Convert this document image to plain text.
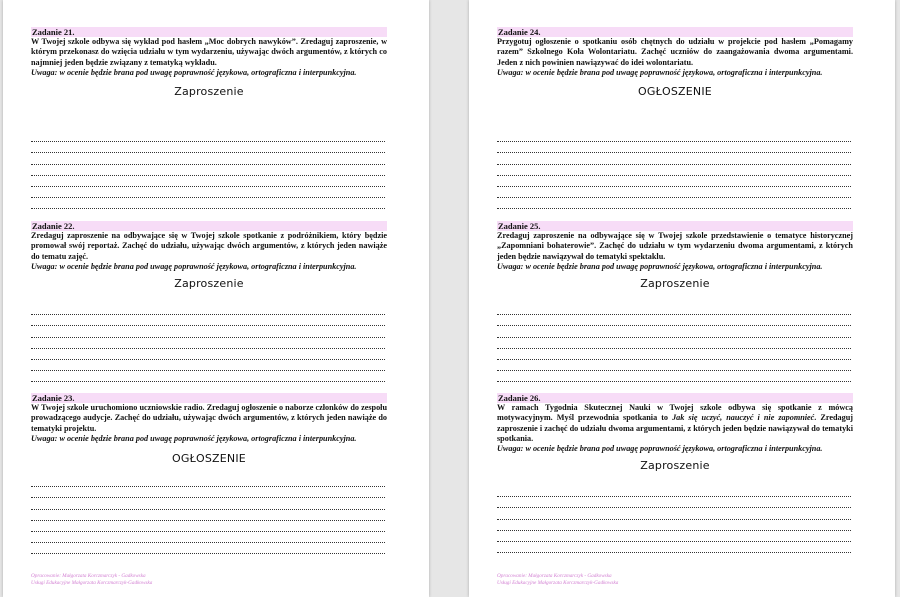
Zadanie 21.

W Twojej szkole odbywa się wykład pod hasłem „Moc dobrych nawyków”. Zredaguj zaproszenie, w którym przekonasz do wzięcia udziału w tym wydarzeniu, używając dwóch argumentów, z których co najmniej jeden będzie związany z tematyką wykładu.

Uwaga: w ocenie będzie brana pod uwagę poprawność językowa, ortograficzna i interpunkcyjna.
Zaproszenie
Zadanie 22.

Zredaguj zaproszenie na odbywające się w Twojej szkole spotkanie z podróżnikiem, który będzie promował swój reportaż. Zachęć do udziału, używając dwóch argumentów, z których jeden nawiąże do tematu zajęć.

Uwaga: w ocenie będzie brana pod uwagę poprawność językowa, ortograficzna i interpunkcyjna.
Zaproszenie
Zadanie 23.

W Twojej szkole uruchomiono uczniowskie radio. Zredaguj ogłoszenie o naborze członków do zespołu prowadzącego audycje. Zachęć do udziału, używając dwóch argumentów, z których jeden nawiąże do tematyki projektu.

Uwaga: w ocenie będzie brana pod uwagę poprawność językowa, ortograficzna i interpunkcyjna.
OGŁOSZENIE
Opracowanie: Małgorzata Korczmarczyk - Gadkowska
Usługi Edukacyjne Małgorzata Korczmarczyk-Gadkowska
Zadanie 24.

Przygotuj ogłoszenie o spotkaniu osób chętnych do udziału w projekcie pod hasłem „Pomagamy razem” Szkolnego Koła Wolontariatu. Zachęć uczniów do zaangażowania dwoma argumentami. Jeden z nich powinien nawiązywać do idei wolontariatu.

Uwaga: w ocenie będzie brana pod uwagę poprawność językowa, ortograficzna i interpunkcyjna.
OGŁOSZENIE
Zadanie 25.

Zredaguj zaproszenie na odbywające się w Twojej szkole przedstawienie o tematyce historycznej „Zapomniani bohaterowie”. Zachęć do udziału w tym wydarzeniu dwoma argumentami, z których jeden będzie nawiązywał do tematyki spektaklu.

Uwaga: w ocenie będzie brana pod uwagę poprawność językowa, ortograficzna i interpunkcyjna.
Zaproszenie
Zadanie 26.

W ramach Tygodnia Skutecznej Nauki w Twojej szkole odbywa się spotkanie z mówcą motywacyjnym. Myśl przewodnia spotkania to Jak się uczyć, nauczyć i nie zapomnieć. Zredaguj zaproszenie i zachęć do udziału dwoma argumentami, z których jeden będzie nawiązywał do tematyki spotkania.

Uwaga: w ocenie będzie brana pod uwagę poprawność językowa, ortograficzna i interpunkcyjna.
Zaproszenie
Opracowanie: Małgorzata Korczmarczyk - Gadkowska
Usługi Edukacyjne Małgorzata Korczmarczyk-Gadkowska
